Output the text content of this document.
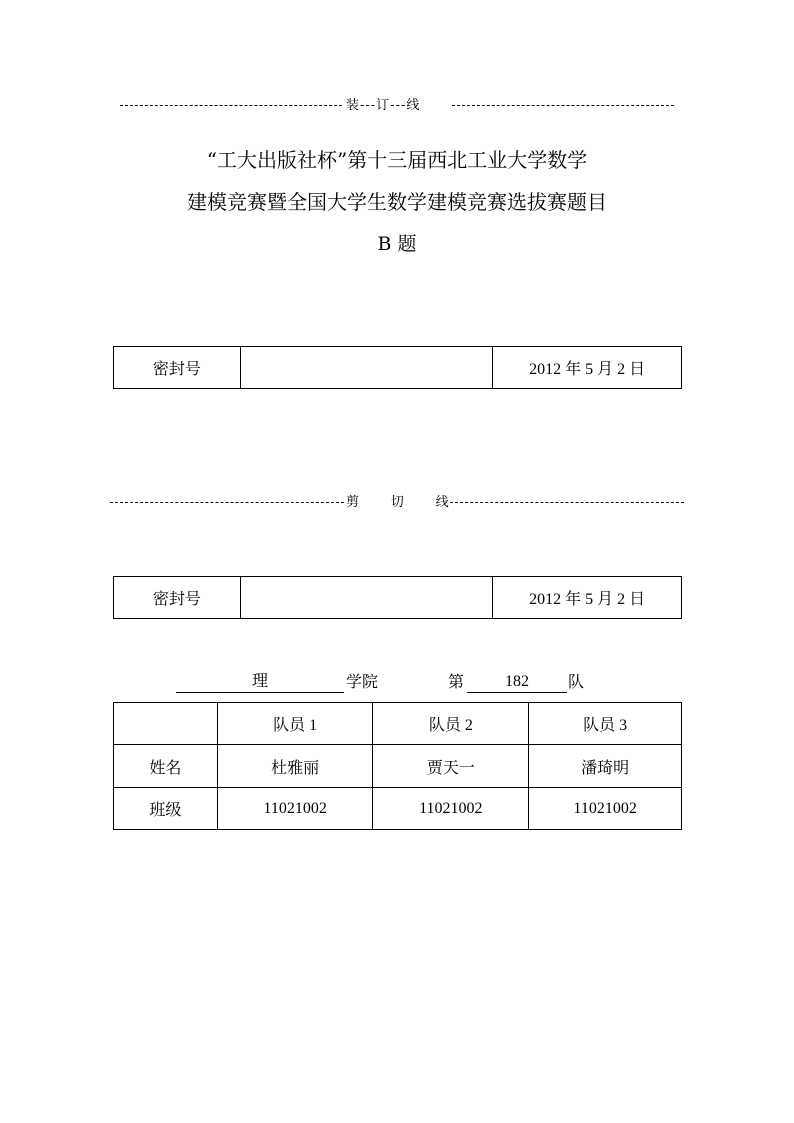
装---订---线
“工大出版社杯”第十三届西北工业大学数学
建模竞赛暨全国大学生数学建模竞赛选拔赛题目
B 题
密封号		2012 年 5 月 2 日
剪      切      线
密封号		2012 年 5 月 2 日
理	学院	第	182	队
	队员 1	队员 2	队员 3
姓名	杜雅丽	贾天一	潘琦明
班级	11021002	11021002	11021002
